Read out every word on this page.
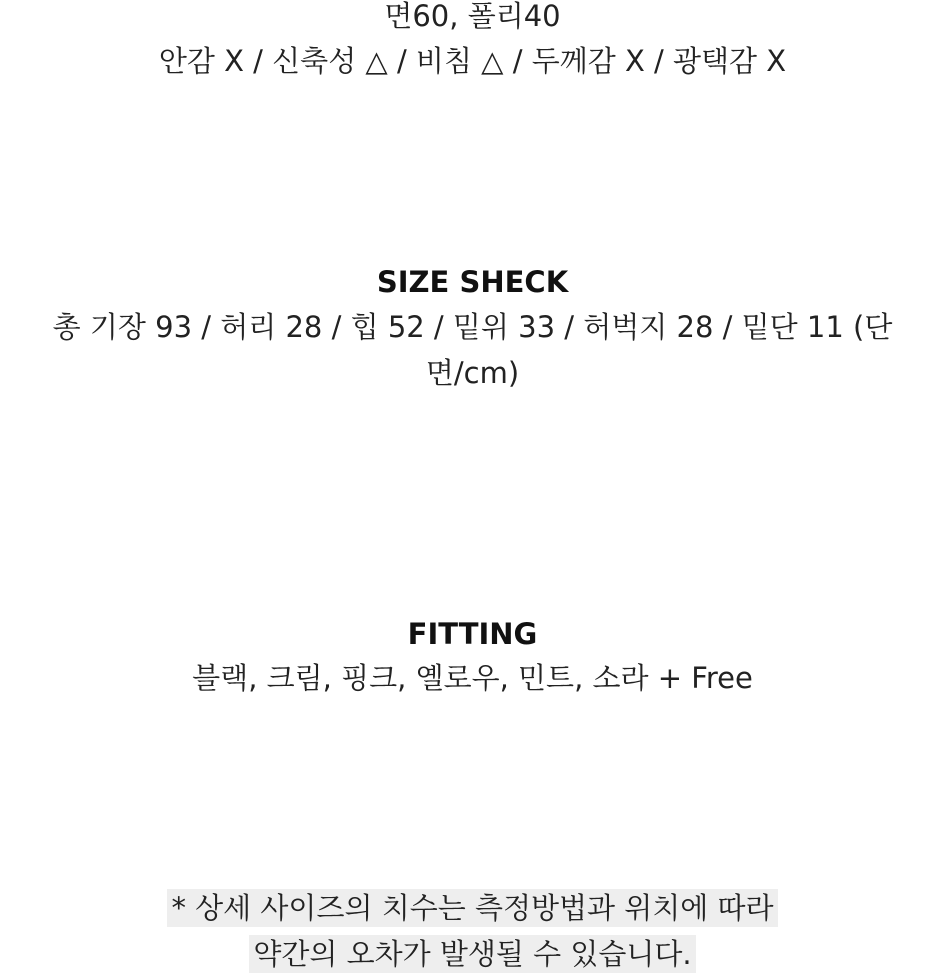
면60, 폴리40
안감 X / 신축성 △ / 비침 △ / 두께감 X / 광택감 X
SIZE SHECK
총 기장 93 / 허리 28 / 힙 52 / 밑위 33 / 허벅지 28 / 밑단 11 (단
면/cm)
FITTING
블랙, 크림, 핑크, 옐로우, 민트, 소라 + Free
* 상세 사이즈의 치수는 측정방법과 위치에 따라
약간의 오차가 발생될 수 있습니다.
